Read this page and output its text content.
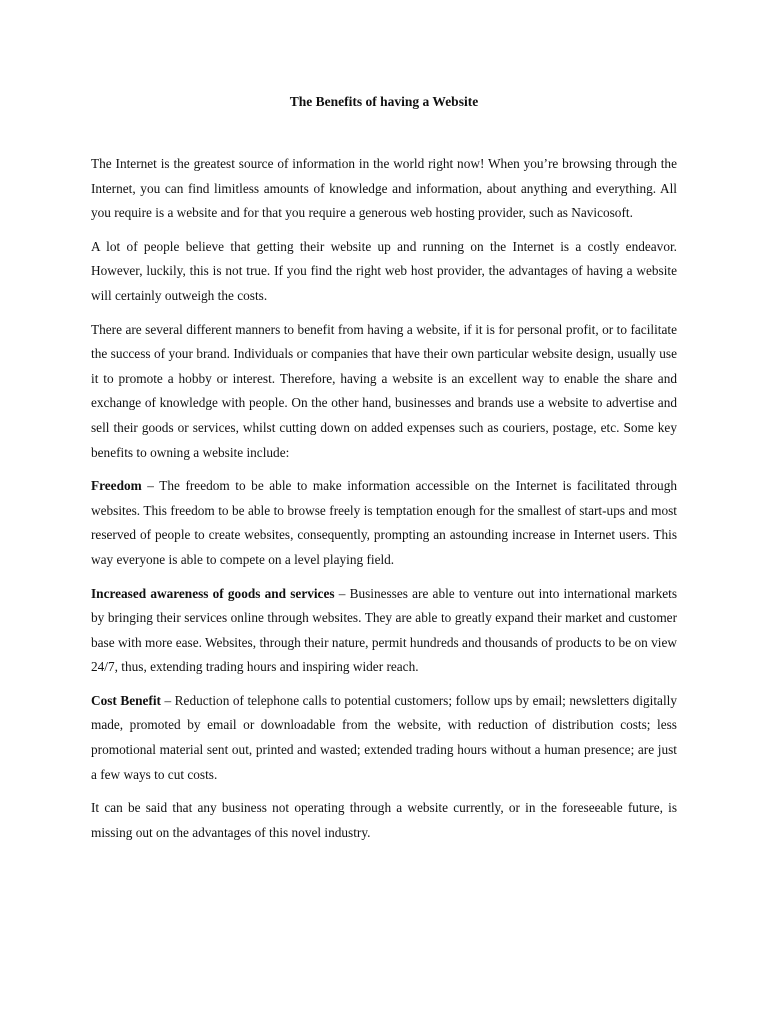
The Benefits of having a Website

The Internet is the greatest source of information in the world right now! When you’re browsing through the Internet, you can find limitless amounts of knowledge and information, about anything and everything. All you require is a website and for that you require a generous web hosting provider, such as Navicosoft.

A lot of people believe that getting their website up and running on the Internet is a costly endeavor. However, luckily, this is not true. If you find the right web host provider, the advantages of having a website will certainly outweigh the costs.

There are several different manners to benefit from having a website, if it is for personal profit, or to facilitate the success of your brand. Individuals or companies that have their own particular website design, usually use it to promote a hobby or interest. Therefore, having a website is an excellent way to enable the share and exchange of knowledge with people. On the other hand, businesses and brands use a website to advertise and sell their goods or services, whilst cutting down on added expenses such as couriers, postage, etc. Some key benefits to owning a website include:

Freedom – The freedom to be able to make information accessible on the Internet is facilitated through websites. This freedom to be able to browse freely is temptation enough for the smallest of start-ups and most reserved of people to create websites, consequently, prompting an astounding increase in Internet users. This way everyone is able to compete on a level playing field.

Increased awareness of goods and services – Businesses are able to venture out into international markets by bringing their services online through websites. They are able to greatly expand their market and customer base with more ease. Websites, through their nature, permit hundreds and thousands of products to be on view 24/7, thus, extending trading hours and inspiring wider reach.

Cost Benefit – Reduction of telephone calls to potential customers; follow ups by email; newsletters digitally made, promoted by email or downloadable from the website, with reduction of distribution costs; less promotional material sent out, printed and wasted; extended trading hours without a human presence; are just a few ways to cut costs.

It can be said that any business not operating through a website currently, or in the foreseeable future, is missing out on the advantages of this novel industry.
